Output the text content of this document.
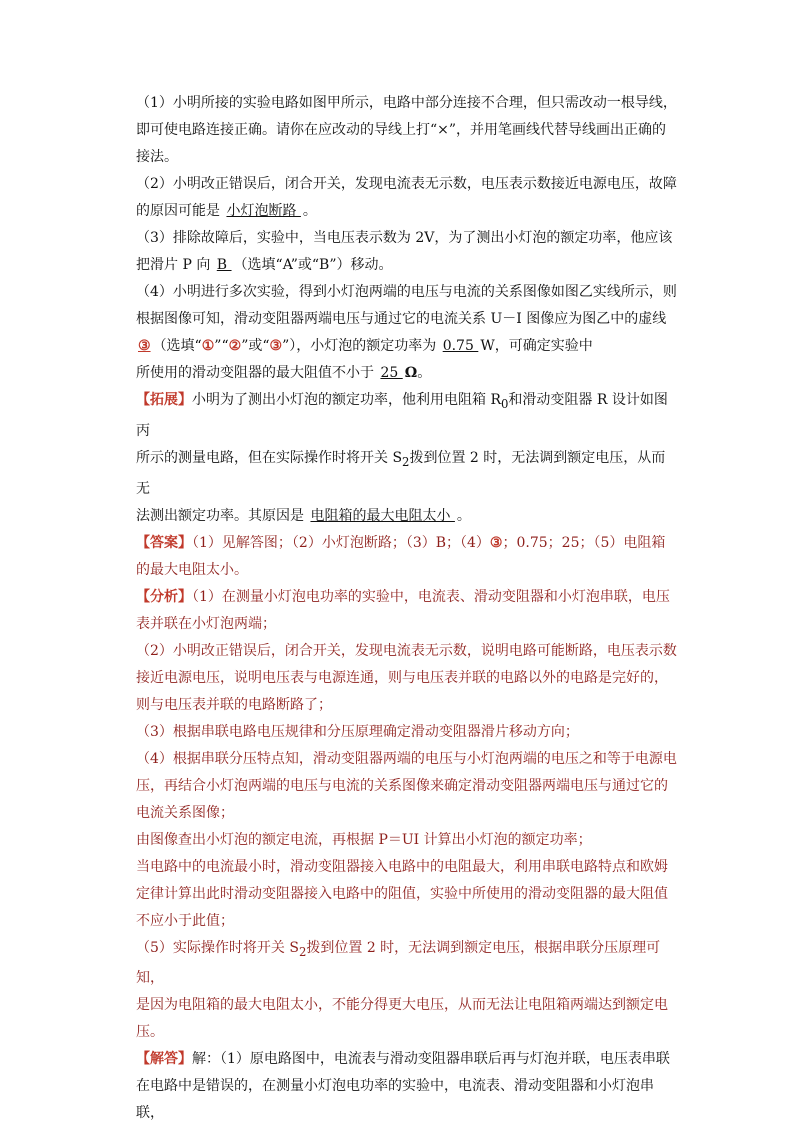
（1）小明所接的实验电路如图甲所示，电路中部分连接不合理，但只需改动一根导线，

即可使电路连接正确。请你在应改动的导线上打“×”，并用笔画线代替导线画出正确的

接法。

（2）小明改正错误后，闭合开关，发现电流表无示数，电压表示数接近电源电压，故障

的原因可能是 小灯泡断路 。

（3）排除故障后，实验中，当电压表示数为 2V，为了测出小灯泡的额定功率，他应该

把滑片 P 向 B （选填“A”或“B”）移动。

（4）小明进行多次实验，得到小灯泡两端的电压与电流的关系图像如图乙实线所示，则

根据图像可知，滑动变阻器两端电压与通过它的电流关系 U－I 图像应为图乙中的虚线

③ （选填“①”“②”或“③”），小灯泡的额定功率为 0.75 W，可确定实验中

所使用的滑动变阻器的最大阻值不小于 25 Ω。

【拓展】小明为了测出小灯泡的额定功率，他利用电阻箱 $R_0$和滑动变阻器 R 设计如图丙

所示的测量电路，但在实际操作时将开关 $S_2$拨到位置 2 时，无法调到额定电压，从而无

法测出额定功率。其原因是 电阻箱的最大电阻太小 。

【答案】（1）见解答图；（2）小灯泡断路；（3）B；（4）③；0.75；25；（5）电阻箱

的最大电阻太小。

【分析】（1）在测量小灯泡电功率的实验中，电流表、滑动变阻器和小灯泡串联，电压

表并联在小灯泡两端；

（2）小明改正错误后，闭合开关，发现电流表无示数，说明电路可能断路，电压表示数

接近电源电压，说明电压表与电源连通，则与电压表并联的电路以外的电路是完好的，

则与电压表并联的电路断路了；

（3）根据串联电路电压规律和分压原理确定滑动变阻器滑片移动方向；

（4）根据串联分压特点知，滑动变阻器两端的电压与小灯泡两端的电压之和等于电源电

压，再结合小灯泡两端的电压与电流的关系图像来确定滑动变阻器两端电压与通过它的

电流关系图像；

由图像查出小灯泡的额定电流，再根据 P＝UI 计算出小灯泡的额定功率；

当电路中的电流最小时，滑动变阻器接入电路中的电阻最大，利用串联电路特点和欧姆

定律计算出此时滑动变阻器接入电路中的阻值，实验中所使用的滑动变阻器的最大阻值

不应小于此值；

（5）实际操作时将开关 $S_2$拨到位置 2 时，无法调到额定电压，根据串联分压原理可知，

是因为电阻箱的最大电阻太小，不能分得更大电压，从而无法让电阻箱两端达到额定电

压。

【解答】解：（1）原电路图中，电流表与滑动变阻器串联后再与灯泡并联，电压表串联

在电路中是错误的，在测量小灯泡电功率的实验中，电流表、滑动变阻器和小灯泡串联，
